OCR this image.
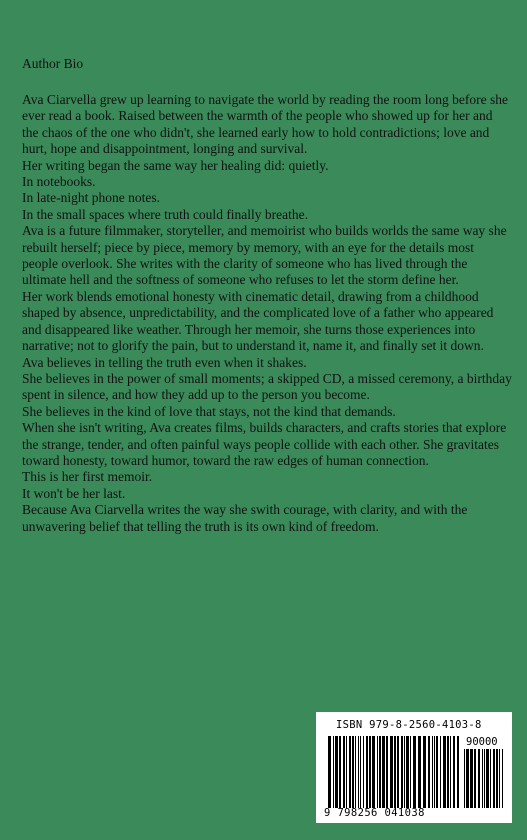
Author Bio

Ava Ciarvella grew up learning to navigate the world by reading the room long before she ever read a book. Raised between the warmth of the people who showed up for her and the chaos of the one who didn't, she learned early how to hold contradictions; love and hurt, hope and disappointment, longing and survival.

Her writing began the same way her healing did: quietly.

In notebooks.

In late-night phone notes.

In the small spaces where truth could finally breathe.

Ava is a future filmmaker, storyteller, and memoirist who builds worlds the same way she rebuilt herself; piece by piece, memory by memory, with an eye for the details most people overlook. She writes with the clarity of someone who has lived through the ultimate hell and the softness of someone who refuses to let the storm define her.

Her work blends emotional honesty with cinematic detail, drawing from a childhood shaped by absence, unpredictability, and the complicated love of a father who appeared and disappeared like weather. Through her memoir, she turns those experiences into narrative; not to glorify the pain, but to understand it, name it, and finally set it down.

Ava believes in telling the truth even when it shakes.

She believes in the power of small moments; a skipped CD, a missed ceremony, a birthday spent in silence, and how they add up to the person you become.

She believes in the kind of love that stays, not the kind that demands.

When she isn't writing, Ava creates films, builds characters, and crafts stories that explore the strange, tender, and often painful ways people collide with each other. She gravitates toward honesty, toward humor, toward the raw edges of human connection.

This is her first memoir.

It won't be her last.

Because Ava Ciarvella writes the way she swith courage, with clarity, and with the unwavering belief that telling the truth is its own kind of freedom.

ISBN 979-8-2560-4103-8
90000
9 798256 041038
